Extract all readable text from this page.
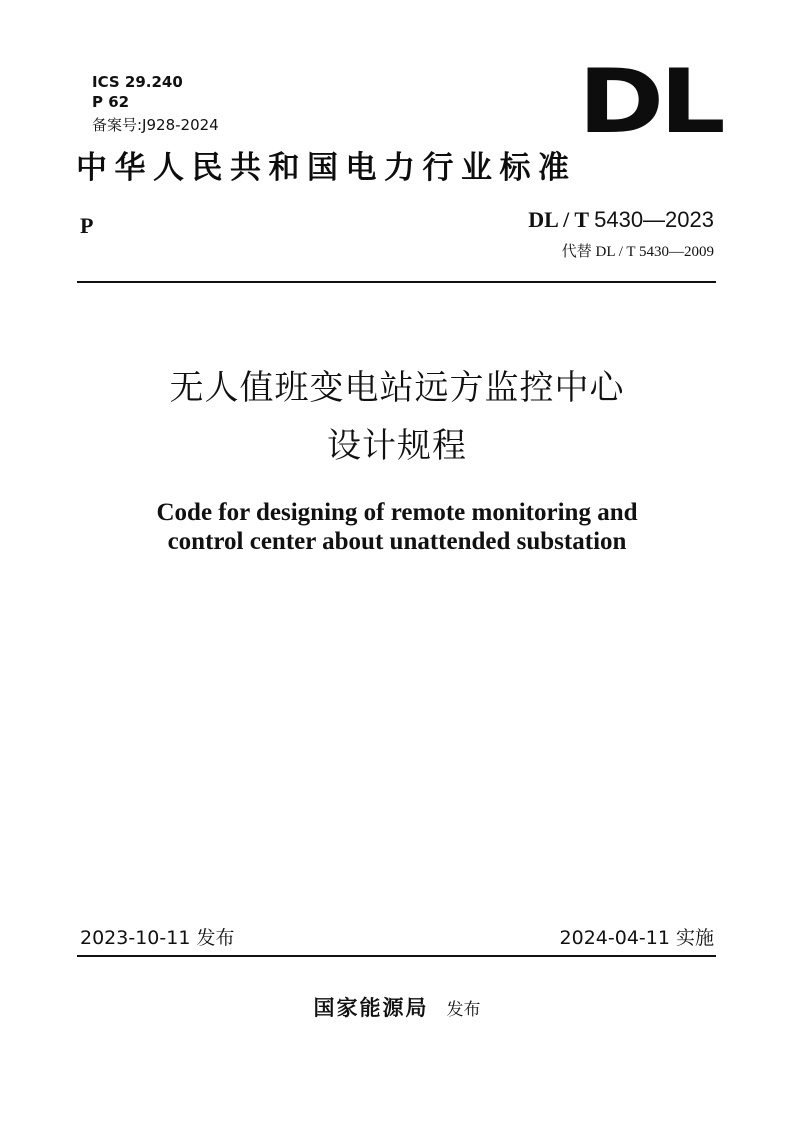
ICS 29.240
P 62
备案号:J928-2024	DL
中华人民共和国电力行业标准
P	DL / T 5430—2023
代替 DL / T 5430—2009
无人值班变电站远方监控中心
设计规程
Code for designing of remote monitoring and
control center about unattended substation
2023-10-11 发布	2024-04-11 实施
国家能源局 发布
